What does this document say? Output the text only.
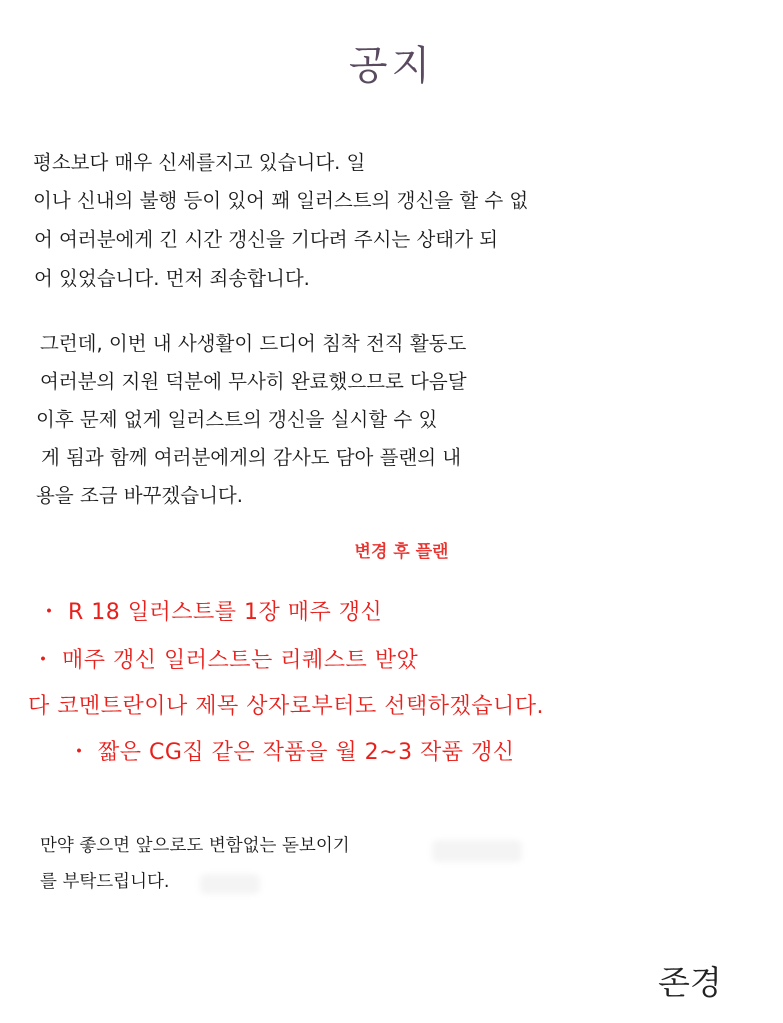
공지

평소보다 매우 신세를지고 있습니다. 일
이나 신내의 불행 등이 있어 꽤 일러스트의 갱신을 할 수 없
어 여러분에게 긴 시간 갱신을 기다려 주시는 상태가 되
어 있었습니다. 먼저 죄송합니다.

그런데, 이번 내 사생활이 드디어 침착 전직 활동도
여러분의 지원 덕분에 무사히 완료했으므로 다음달
이후 문제 없게 일러스트의 갱신을 실시할 수 있
게 됨과 함께 여러분에게의 감사도 담아 플랜의 내
용을 조금 바꾸겠습니다.

변경 후 플랜
・ R 18 일러스트를 1장 매주 갱신
・ 매주 갱신 일러스트는 리퀘스트 받았
다 코멘트란이나 제목 상자로부터도 선택하겠습니다.
・ 짧은 CG집 같은 작품을 월 2~3 작품 갱신

만약 좋으면 앞으로도 변함없는 돋보이기
를 부탁드립니다.

존경
